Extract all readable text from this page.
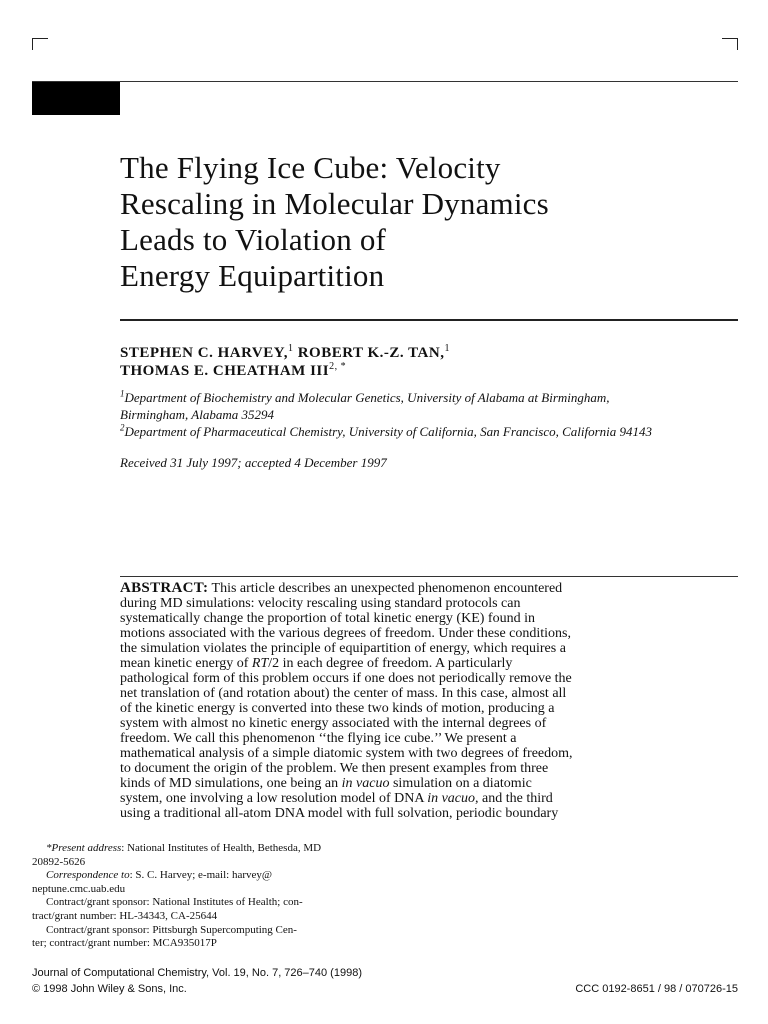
The Flying Ice Cube: Velocity
Rescaling in Molecular Dynamics
Leads to Violation of
Energy Equipartition
STEPHEN C. HARVEY,$^1$ ROBERT K.-Z. TAN,$^1$
THOMAS E. CHEATHAM $III^{2, *}$
$^1$Department of Biochemistry and Molecular Genetics, University of Alabama at Birmingham,
Birmingham, Alabama 35294
$^2$Department of Pharmaceutical Chemistry, University of California, San Francisco, California 94143
Received 31 July 1997; accepted 4 December 1997
ABSTRACT: This article describes an unexpected phenomenon encountered
during MD simulations: velocity rescaling using standard protocols can
systematically change the proportion of total kinetic energy (KE) found in
motions associated with the various degrees of freedom. Under these conditions,
the simulation violates the principle of equipartition of energy, which requires a
mean kinetic energy of RT/2 in each degree of freedom. A particularly
pathological form of this problem occurs if one does not periodically remove the
net translation of (and rotation about) the center of mass. In this case, almost all
of the kinetic energy is converted into these two kinds of motion, producing a
system with almost no kinetic energy associated with the internal degrees of
freedom. We call this phenomenon ‘‘the flying ice cube.’’ We present a
mathematical analysis of a simple diatomic system with two degrees of freedom,
to document the origin of the problem. We then present examples from three
kinds of MD simulations, one being an in vacuo simulation on a diatomic
system, one involving a low resolution model of DNA in vacuo, and the third
using a traditional all-atom DNA model with full solvation, periodic boundary
*Present address: National Institutes of Health, Bethesda, MD
20892-5626
Correspondence to: S. C. Harvey; e-mail: harvey@
neptune.cmc.uab.edu
Contract/grant sponsor: National Institutes of Health; con-
tract/grant number: HL-34343, CA-25644
Contract/grant sponsor: Pittsburgh Supercomputing Cen-
ter; contract/grant number: MCA935017P
Journal of Computational Chemistry, Vol. 19, No. 7, 726–740 (1998)
© 1998 John Wiley & Sons, Inc.	CCC 0192-8651 / 98 / 070726-15
